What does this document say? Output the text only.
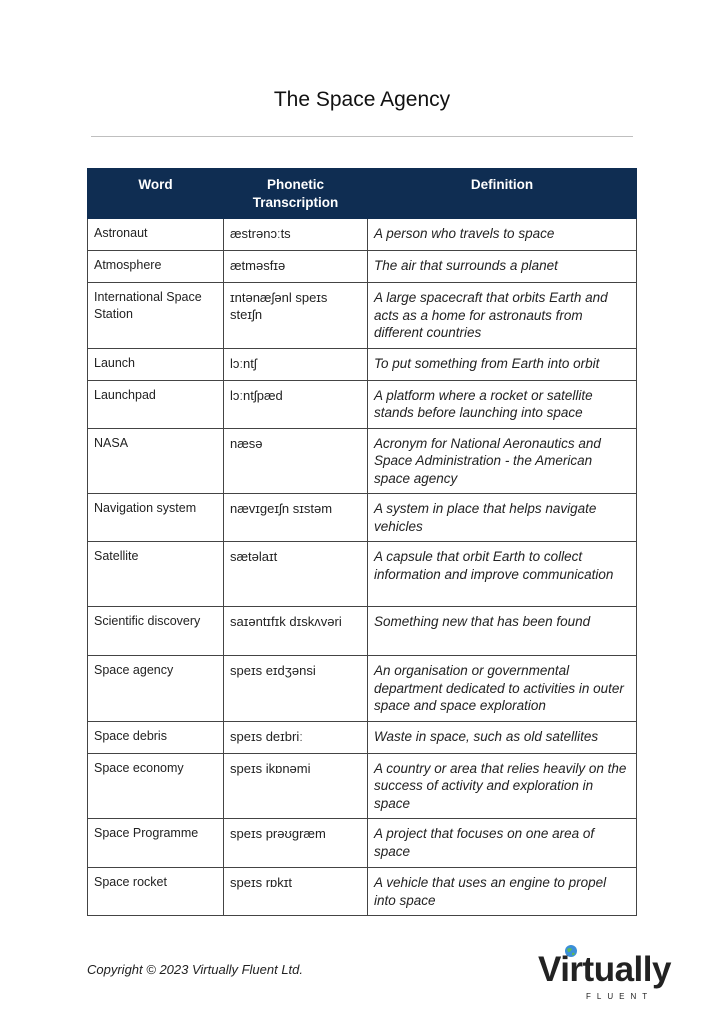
The Space Agency
Word	Phonetic Transcription	Definition
Astronaut	æstrənɔːts	A person who travels to space
Atmosphere	ætməsfɪə	The air that surrounds a planet
International Space Station	ɪntənæʃənl speɪs steɪʃn	A large spacecraft that orbits Earth and acts as a home for astronauts from different countries
Launch	lɔːntʃ	To put something from Earth into orbit
Launchpad	lɔːntʃpæd	A platform where a rocket or satellite stands before launching into space
NASA	næsə	Acronym for National Aeronautics and Space Administration - the American space agency
Navigation system	nævɪɡeɪʃn sɪstəm	A system in place that helps navigate vehicles
Satellite	sætəlaɪt	A capsule that orbit Earth to collect information and improve communication
Scientific discovery	saɪəntɪfɪk dɪskʌvəri	Something new that has been found
Space agency	speɪs eɪdʒənsi	An organisation or governmental department dedicated to activities in outer space and space exploration
Space debris	speɪs deɪbriː	Waste in space, such as old satellites
Space economy	speɪs ikɒnəmi	A country or area that relies heavily on the success of activity and exploration in space
Space Programme	speɪs prəʊɡræm	A project that focuses on one area of space
Space rocket	speɪs rɒkɪt	A vehicle that uses an engine to propel into space
Copyright © 2023 Virtually Fluent Ltd.	Virtually
FLUENT
